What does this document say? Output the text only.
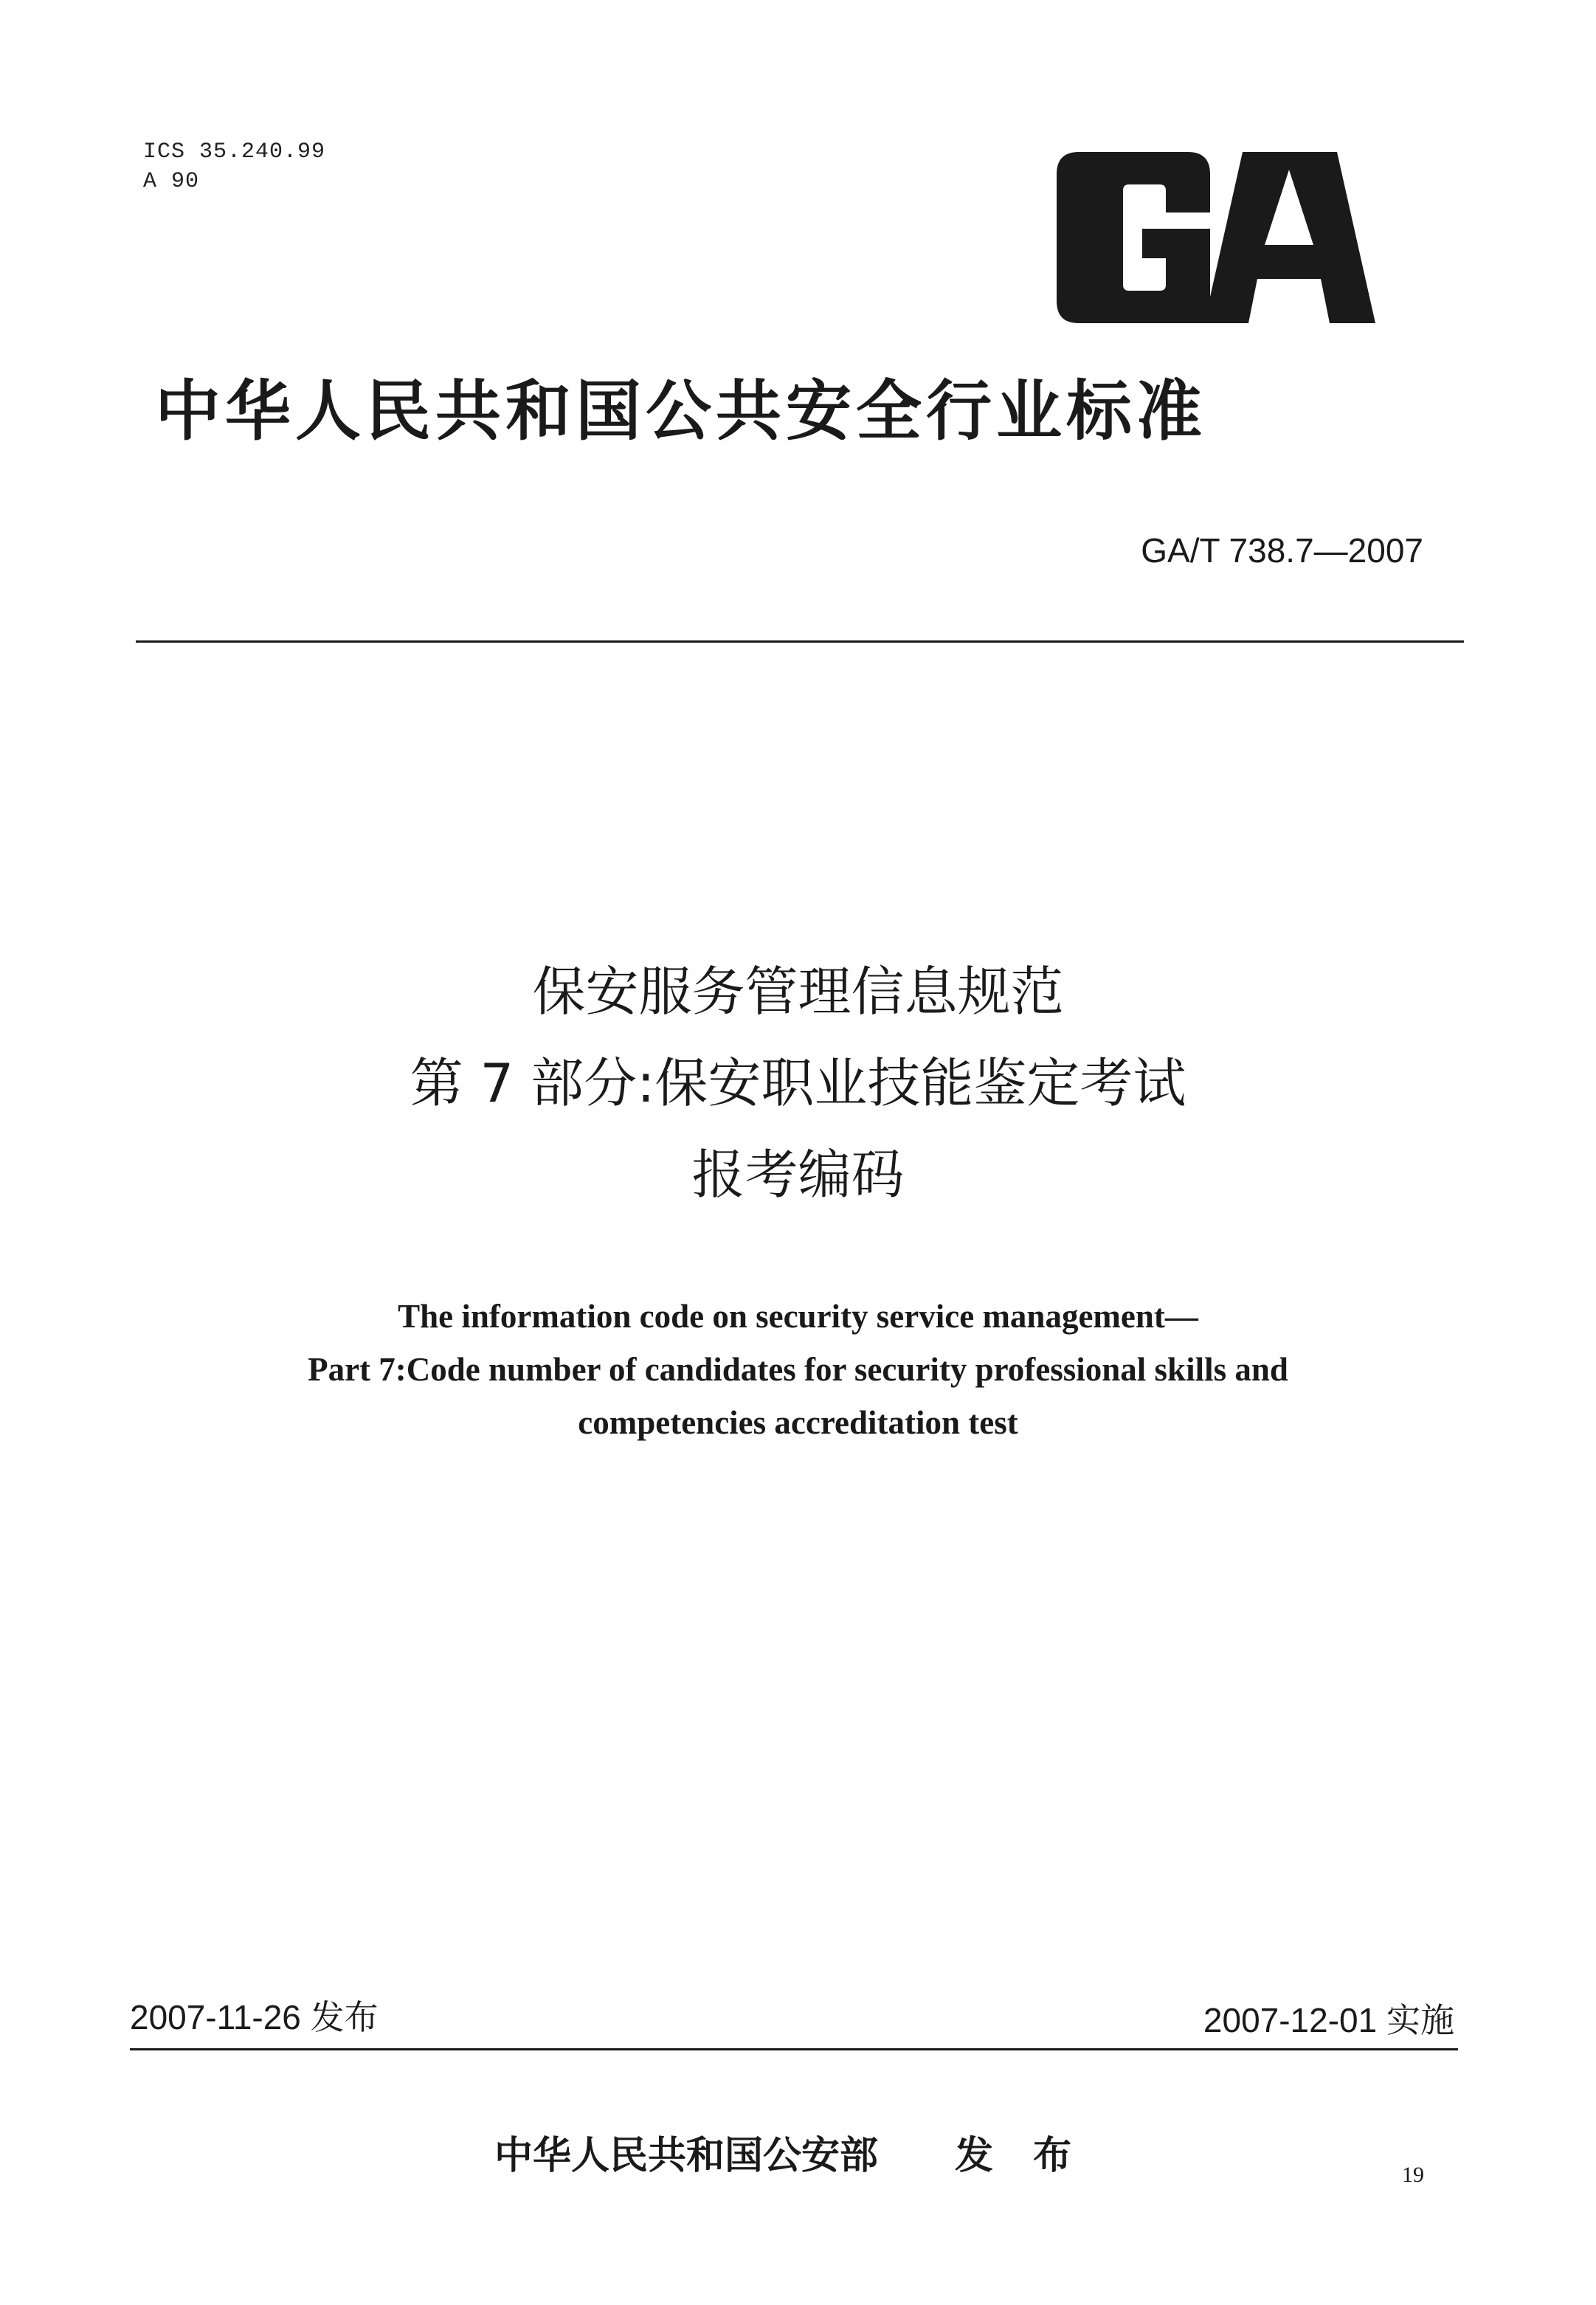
ICS 35.240.99
A 90
中华人民共和国公共安全行业标准
GA/T 738.7—2007
保安服务管理信息规范
第 7 部分:保安职业技能鉴定考试
报考编码
The information code on security service management—
Part 7:Code number of candidates for security professional skills and
competencies accreditation test
2007-11-26 发布	2007-12-01 实施
中华人民共和国公安部 发 布	19
